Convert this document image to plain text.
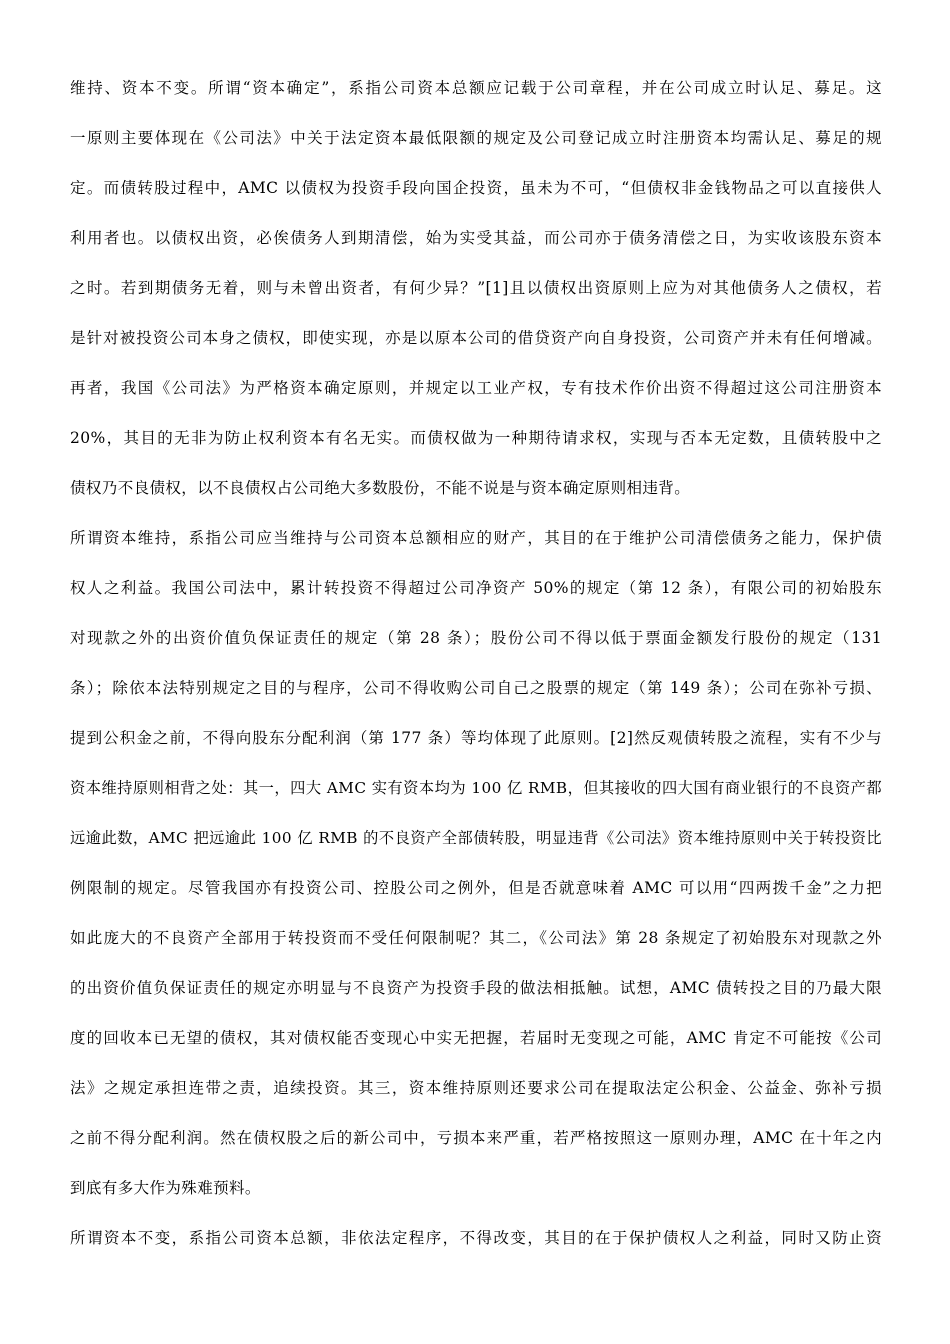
维持、资本不变。所谓“资本确定”，系指公司资本总额应记载于公司章程，并在公司成立时认足、募足。这
一原则主要体现在《公司法》中关于法定资本最低限额的规定及公司登记成立时注册资本均需认足、募足的规
定。而债转股过程中，AMC 以债权为投资手段向国企投资，虽未为不可，“但债权非金钱物品之可以直接供人
利用者也。以债权出资，必俟债务人到期清偿，始为实受其益，而公司亦于债务清偿之日，为实收该股东资本
之时。若到期债务无着，则与未曾出资者，有何少异？”[1]且以债权出资原则上应为对其他债务人之债权，若
是针对被投资公司本身之债权，即使实现，亦是以原本公司的借贷资产向自身投资，公司资产并未有任何增减。
再者，我国《公司法》为严格资本确定原则，并规定以工业产权，专有技术作价出资不得超过这公司注册资本
20%，其目的无非为防止权利资本有名无实。而债权做为一种期待请求权，实现与否本无定数，且债转股中之
债权乃不良债权，以不良债权占公司绝大多数股份，不能不说是与资本确定原则相违背。
所谓资本维持，系指公司应当维持与公司资本总额相应的财产，其目的在于维护公司清偿债务之能力，保护债
权人之利益。我国公司法中，累计转投资不得超过公司净资产 50%的规定（第 12 条），有限公司的初始股东
对现款之外的出资价值负保证责任的规定（第 28 条）；股份公司不得以低于票面金额发行股份的规定（131
条）；除依本法特别规定之目的与程序，公司不得收购公司自己之股票的规定（第 149 条）；公司在弥补亏损、
提到公积金之前，不得向股东分配利润（第 177 条）等均体现了此原则。[2]然反观债转股之流程，实有不少与
资本维持原则相背之处：其一，四大 AMC 实有资本均为 100 亿 RMB，但其接收的四大国有商业银行的不良资产都
远逾此数，AMC 把远逾此 100 亿 RMB 的不良资产全部债转股，明显违背《公司法》资本维持原则中关于转投资比
例限制的规定。尽管我国亦有投资公司、控股公司之例外，但是否就意味着 AMC 可以用“四两拨千金”之力把
如此庞大的不良资产全部用于转投资而不受任何限制呢？其二，《公司法》第 28 条规定了初始股东对现款之外
的出资价值负保证责任的规定亦明显与不良资产为投资手段的做法相抵触。试想，AMC 债转投之目的乃最大限
度的回收本已无望的债权，其对债权能否变现心中实无把握，若届时无变现之可能，AMC 肯定不可能按《公司
法》之规定承担连带之责，追续投资。其三，资本维持原则还要求公司在提取法定公积金、公益金、弥补亏损
之前不得分配利润。然在债权股之后的新公司中，亏损本来严重，若严格按照这一原则办理，AMC 在十年之内
到底有多大作为殊难预料。
所谓资本不变，系指公司资本总额，非依法定程序，不得改变，其目的在于保护债权人之利益，同时又防止资
